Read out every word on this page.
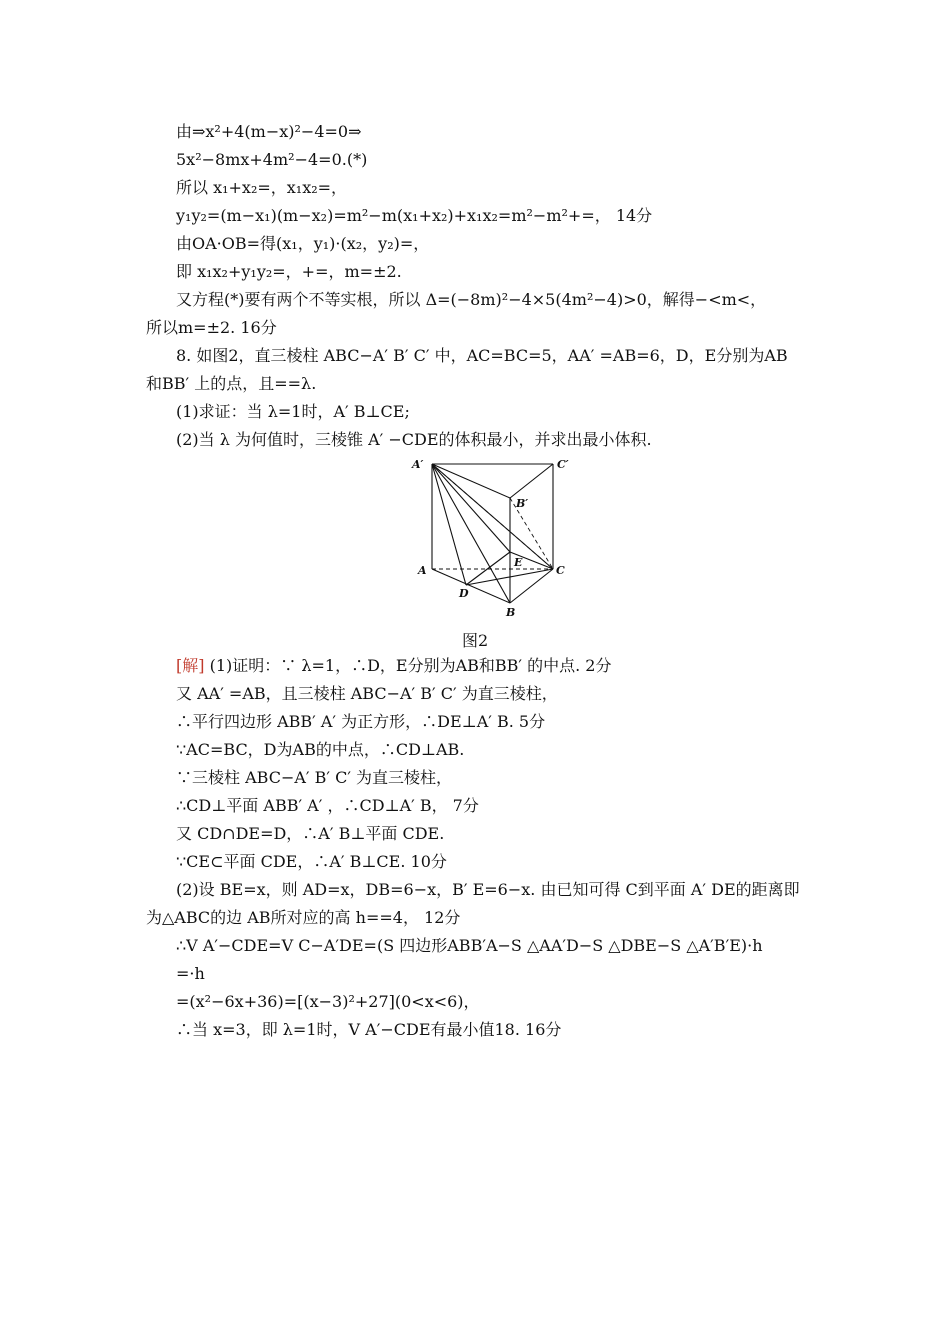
由⇒x²+4(m−x)²−4=0⇒
5x²−8mx+4m²−4=0.(*)
所以 x₁+x₂=，x₁x₂=，
y₁y₂=(m−x₁)(m−x₂)=m²−m(x₁+x₂)+x₁x₂=m²−m²+=， 14分
由OA·OB=得(x₁，y₁)·(x₂，y₂)=，
即 x₁x₂+y₁y₂=，+=，m=±2.
又方程(*)要有两个不等实根，所以 Δ=(−8m)²−4×5(4m²−4)>0，解得−<m<，
所以m=±2. 16分
8. 如图2，直三棱柱 ABC−A′ B′ C′ 中，AC=BC=5，AA′ =AB=6，D，E分别为AB
和BB′ 上的点，且==λ.
(1)求证：当 λ=1时，A′ B⊥CE;
(2)当 λ 为何值时，三棱锥 A′ −CDE的体积最小，并求出最小体积.
A′	C′
B′
E
A	C
D
B
图2
[解] (1)证明：∵ λ=1，∴D，E分别为AB和BB′ 的中点. 2分
又 AA′ =AB，且三棱柱 ABC−A′ B′ C′ 为直三棱柱，
∴平行四边形 ABB′ A′ 为正方形，∴DE⊥A′ B. 5分
∵AC=BC，D为AB的中点，∴CD⊥AB.
∵三棱柱 ABC−A′ B′ C′ 为直三棱柱，
∴CD⊥平面 ABB′ A′ ，∴CD⊥A′ B， 7分
又 CD∩DE=D，∴A′ B⊥平面 CDE.
∵CE⊂平面 CDE，∴A′ B⊥CE. 10分
(2)设 BE=x，则 AD=x，DB=6−x，B′ E=6−x. 由已知可得 C到平面 A′ DE的距离即
为△ABC的边 AB所对应的高 h==4， 12分
∴V A′−CDE=V C−A′DE=(S 四边形ABB′A−S △AA′D−S △DBE−S △A′B′E)·h
=·h
=(x²−6x+36)=[(x−3)²+27](0<x<6)，
∴当 x=3，即 λ=1时，V A′−CDE有最小值18. 16分
